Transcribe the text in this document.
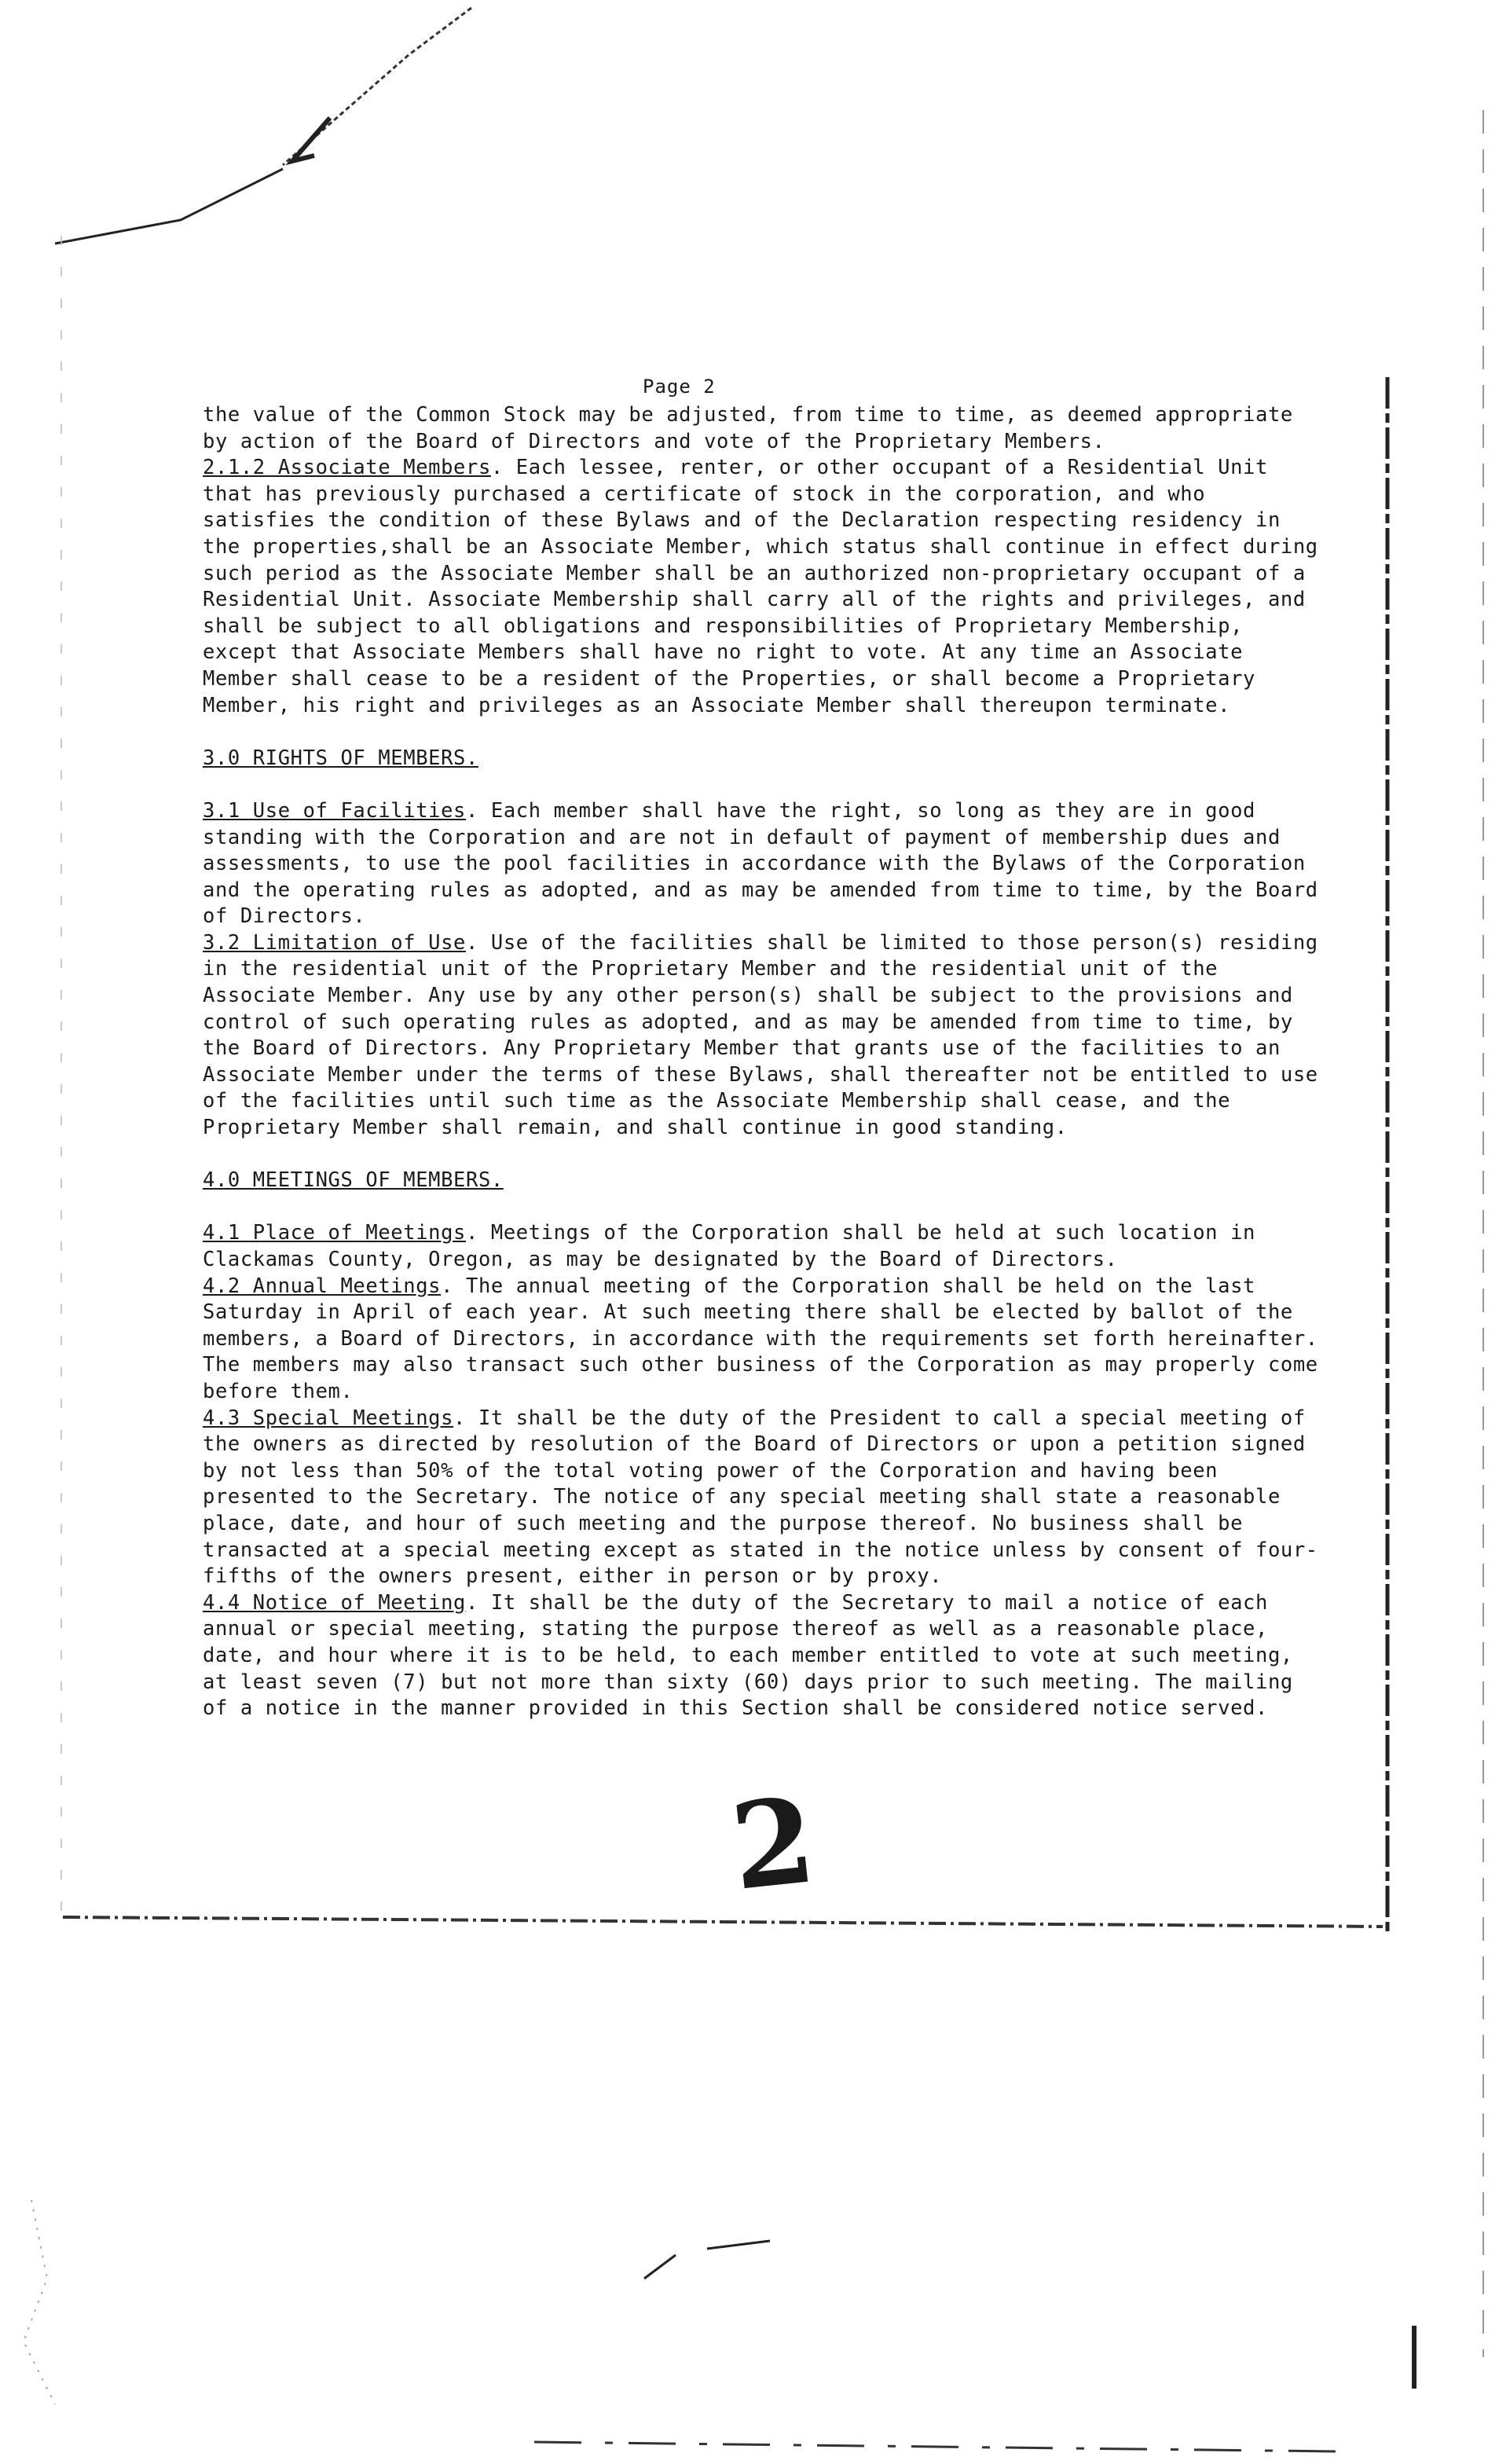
Page 2

the value of the Common Stock may be adjusted, from time to time, as deemed appropriate by action of the Board of Directors and vote of the Proprietary Members.

2.1.2 Associate Members. Each lessee, renter, or other occupant of a Residential Unit that has previously purchased a certificate of stock in the corporation, and who satisfies the condition of these Bylaws and of the Declaration respecting residency in the properties,shall be an Associate Member, which status shall continue in effect during such period as the Associate Member shall be an authorized non-proprietary occupant of a Residential Unit. Associate Membership shall carry all of the rights and privileges, and shall be subject to all obligations and responsibilities of Proprietary Membership, except that Associate Members shall have no right to vote. At any time an Associate Member shall cease to be a resident of the Properties, or shall become a Proprietary Member, his right and privileges as an Associate Member shall thereupon terminate.

3.0 RIGHTS OF MEMBERS.

3.1 Use of Facilities. Each member shall have the right, so long as they are in good standing with the Corporation and are not in default of payment of membership dues and assessments, to use the pool facilities in accordance with the Bylaws of the Corporation and the operating rules as adopted, and as may be amended from time to time, by the Board of Directors.

3.2 Limitation of Use. Use of the facilities shall be limited to those person(s) residing in the residential unit of the Proprietary Member and the residential unit of the Associate Member. Any use by any other person(s) shall be subject to the provisions and control of such operating rules as adopted, and as may be amended from time to time, by the Board of Directors. Any Proprietary Member that grants use of the facilities to an Associate Member under the terms of these Bylaws, shall thereafter not be entitled to use of the facilities until such time as the Associate Membership shall cease, and the Proprietary Member shall remain, and shall continue in good standing.

4.0 MEETINGS OF MEMBERS.

4.1 Place of Meetings. Meetings of the Corporation shall be held at such location in Clackamas County, Oregon, as may be designated by the Board of Directors.

4.2 Annual Meetings. The annual meeting of the Corporation shall be held on the last Saturday in April of each year. At such meeting there shall be elected by ballot of the members, a Board of Directors, in accordance with the requirements set forth hereinafter. The members may also transact such other business of the Corporation as may properly come before them.

4.3 Special Meetings. It shall be the duty of the President to call a special meeting of the owners as directed by resolution of the Board of Directors or upon a petition signed by not less than 50% of the total voting power of the Corporation and having been presented to the Secretary. The notice of any special meeting shall state a reasonable place, date, and hour of such meeting and the purpose thereof. No business shall be transacted at a special meeting except as stated in the notice unless by consent of four-fifths of the owners present, either in person or by proxy.

4.4 Notice of Meeting. It shall be the duty of the Secretary to mail a notice of each annual or special meeting, stating the purpose thereof as well as a reasonable place, date, and hour where it is to be held, to each member entitled to vote at such meeting, at least seven (7) but not more than sixty (60) days prior to such meeting. The mailing of a notice in the manner provided in this Section shall be considered notice served.

2
